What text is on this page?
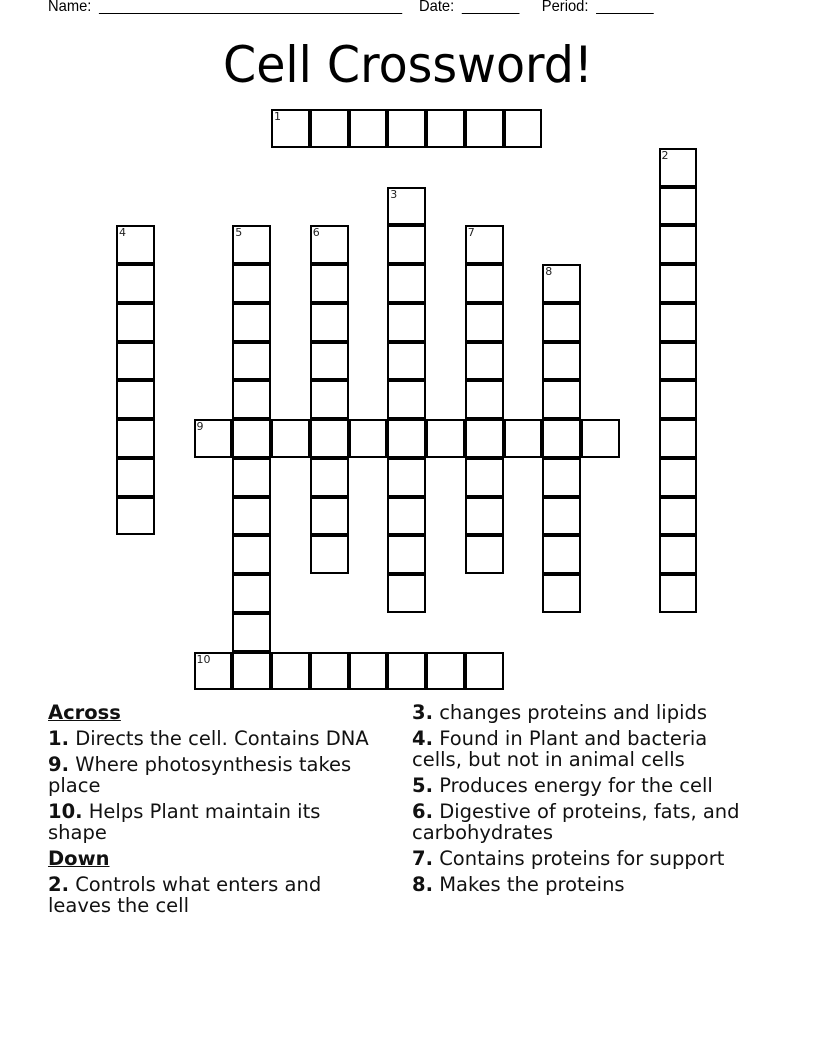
Name: _____________________________________ Date: _______ Period: _______
Cell Crossword!
1
2
3
4	5	6	7
8
9
10
Across
1. Directs the cell. Contains DNA
9. Where photosynthesis takes place
10. Helps Plant maintain its shape
Down
2. Controls what enters and leaves the cell
3. changes proteins and lipids
4. Found in Plant and bacteria cells, but not in animal cells
5. Produces energy for the cell
6. Digestive of proteins, fats, and carbohydrates
7. Contains proteins for support
8. Makes the proteins
